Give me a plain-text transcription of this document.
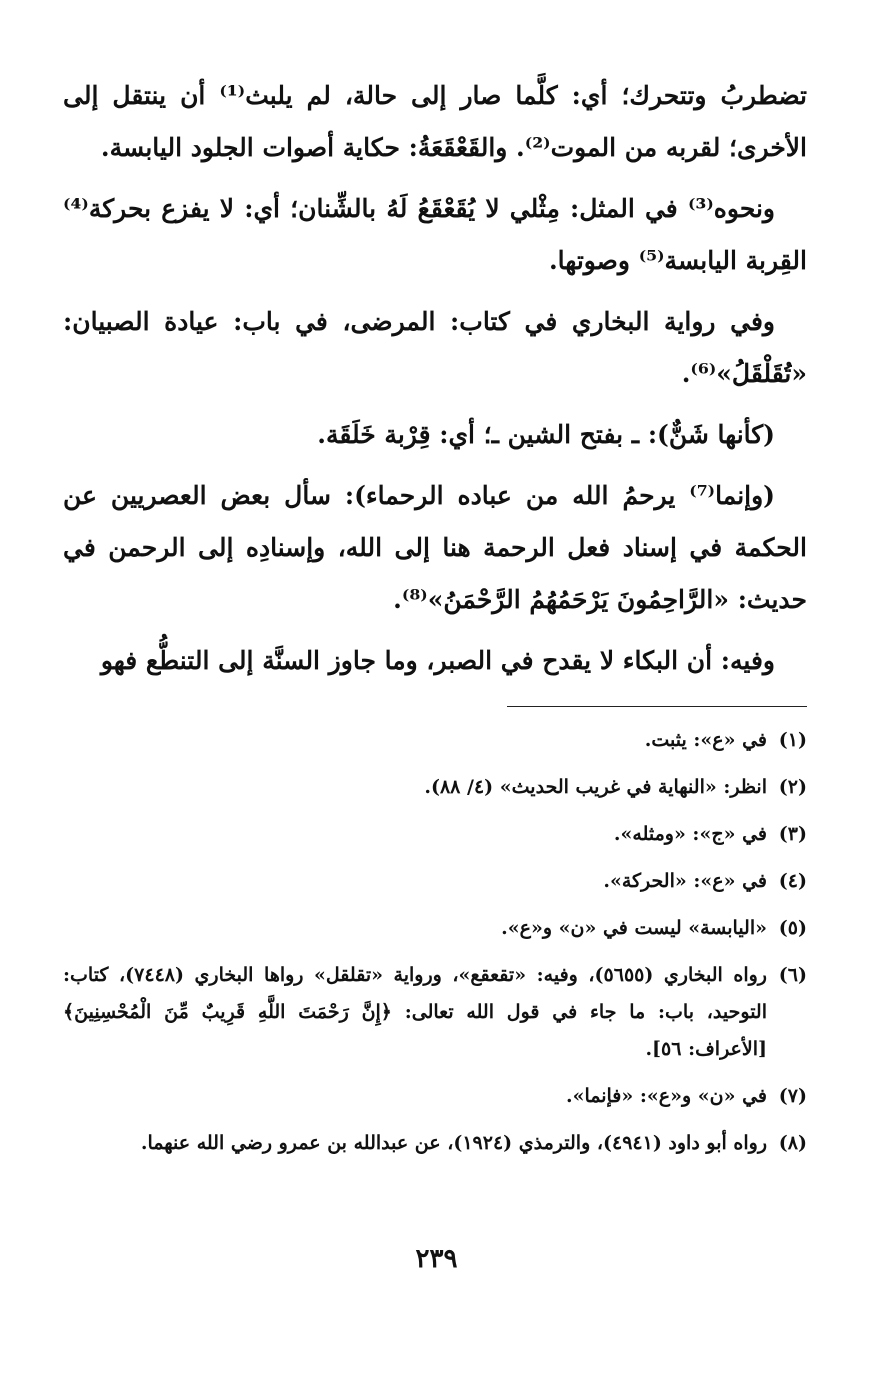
تضطربُ وتتحرك؛ أي: كلَّما صار إلى حالة، لم يلبث⁽¹⁾ أن ينتقل إلى الأخرى؛ لقربه من الموت⁽²⁾. والقَعْقَعَةُ: حكاية أصوات الجلود اليابسة.

ونحوه⁽³⁾ في المثل: مِثْلي لا يُقَعْقَعُ لَهُ بالشِّنان؛ أي: لا يفزع بحركة⁽⁴⁾ القِربة اليابسة⁽⁵⁾ وصوتها.

وفي رواية البخاري في كتاب: المرضى، في باب: عيادة الصبيان: «تُقَلْقَلُ»⁽⁶⁾.

(كأنها شَنٌّ): ـ بفتح الشين ـ؛ أي: قِرْبة خَلَقَة.

(وإنما⁽⁷⁾ يرحمُ الله من عباده الرحماء): سأل بعض العصريين عن الحكمة في إسناد فعل الرحمة هنا إلى الله، وإسنادِه إلى الرحمن في حديث: «الرَّاحِمُونَ يَرْحَمُهُمُ الرَّحْمَنُ»⁽⁸⁾.

وفيه: أن البكاء لا يقدح في الصبر، وما جاوز السنَّة إلى التنطُّع فهو

(١)
في «ع»: يثبت.
(٢)
انظر: «النهاية في غريب الحديث» (٤/ ٨٨).
(٣)
في «ج»: «ومثله».
(٤)
في «ع»: «الحركة».
(٥)
«اليابسة» ليست في «ن» و«ع».
(٦)
رواه البخاري (٥٦٥٥)، وفيه: «تقعقع»، ورواية «تقلقل» رواها البخاري (٧٤٤٨)، كتاب: التوحيد، باب: ما جاء في قول الله تعالى: ﴿إِنَّ رَحْمَتَ اللَّهِ قَرِيبٌ مِّنَ الْمُحْسِنِينَ﴾ [الأعراف: ٥٦].
(٧)
في «ن» و«ع»: «فإنما».
(٨)
رواه أبو داود (٤٩٤١)، والترمذي (١٩٢٤)، عن عبدالله بن عمرو رضي الله عنهما.
٢٣٩
